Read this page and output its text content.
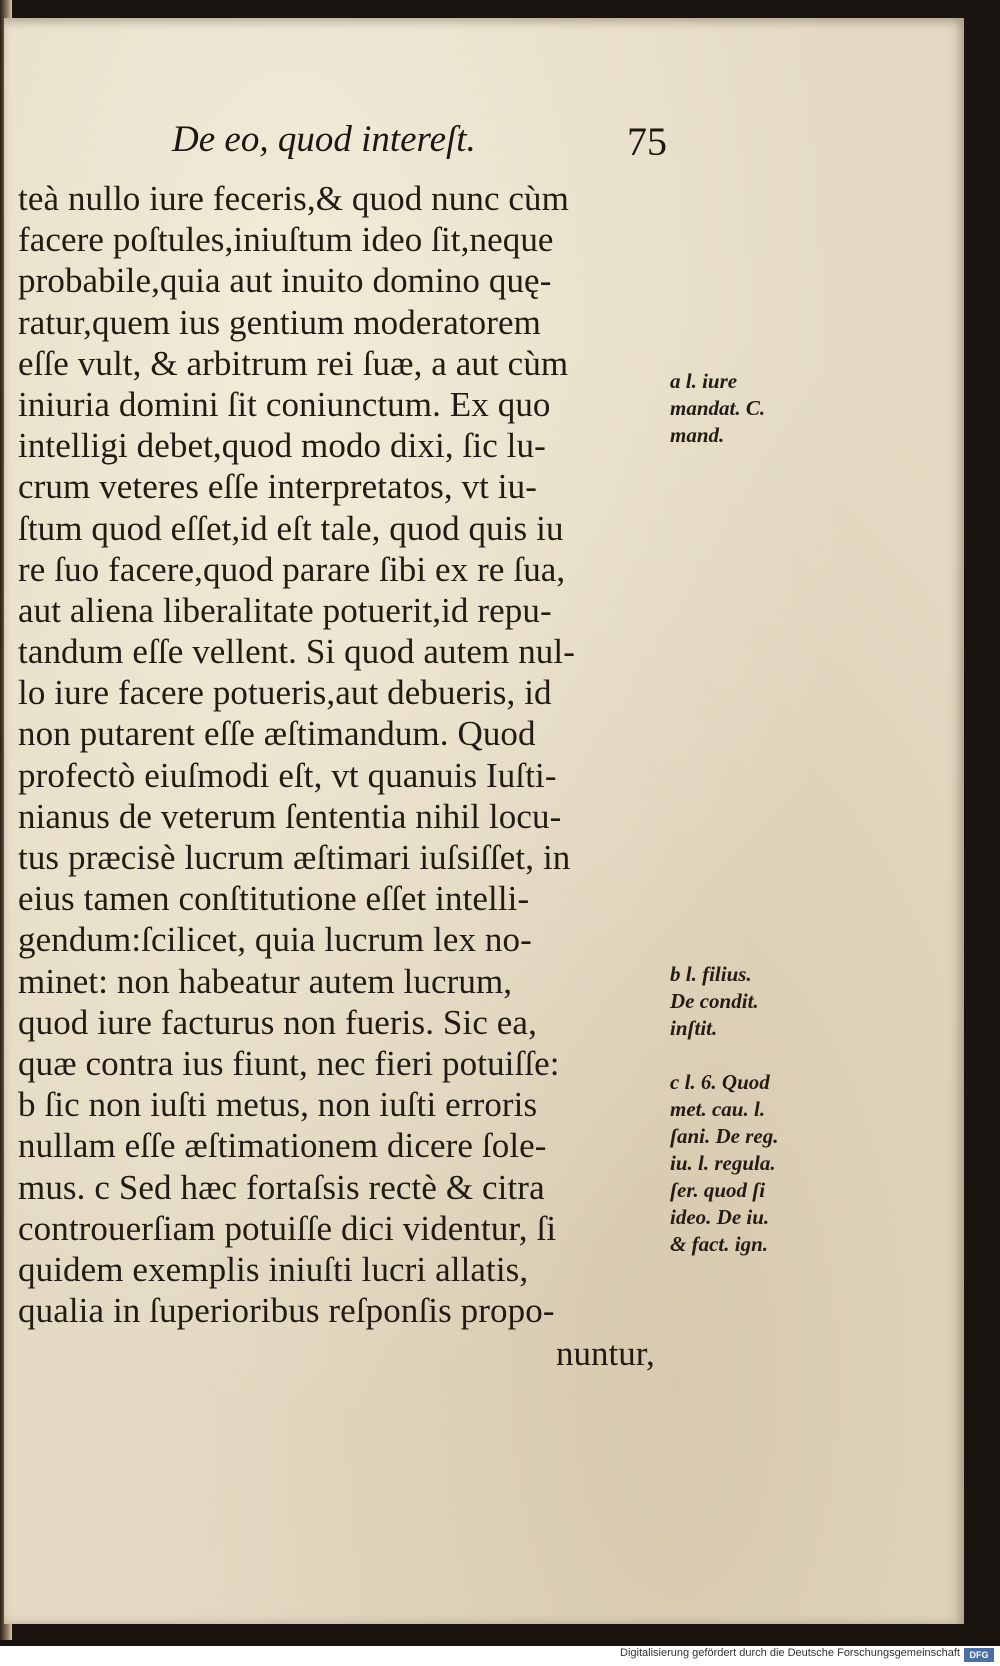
De eo, quod intereſt.	75
teà nullo iure feceris,& quod nunc cùm
facere poſtules,iniuſtum ideo ſit,neque
probabile,quia aut inuito domino quę-
ratur,quem ius gentium moderatorem
eſſe vult, & arbitrum rei ſuæ, a aut cùm
iniuria domini ſit coniunctum. Ex quo
intelligi debet,quod modo dixi, ſic lu-
crum veteres eſſe interpretatos, vt iu-
ſtum quod eſſet,id eſt tale, quod quis iu
re ſuo facere,quod parare ſibi ex re ſua,
aut aliena liberalitate potuerit,id repu-
tandum eſſe vellent. Si quod autem nul-
lo iure facere potueris,aut debueris, id
non putarent eſſe æſtimandum. Quod
profectò eiuſmodi eſt, vt quanuis Iuſti-
nianus de veterum ſententia nihil locu-
tus præcisè lucrum æſtimari iuſsiſſet, in
eius tamen conſtitutione eſſet intelli-
gendum:ſcilicet, quia lucrum lex no-
minet: non habeatur autem lucrum,
quod iure facturus non fueris. Sic ea,
quæ contra ius fiunt, nec fieri potuiſſe:
b ſic non iuſti metus, non iuſti erroris
nullam eſſe æſtimationem dicere ſole-
mus. c Sed hæc fortaſsis rectè & citra
controuerſiam potuiſſe dici videntur, ſi
quidem exemplis iniuſti lucri allatis,
qualia in ſuperioribus reſponſis propo-
a l. iure
mandat. C.
mand.
b l. filius.
De condit.
inſtit.
c l. 6. Quod
met. cau. l.
ſani. De reg.
iu. l. regula.
ſer. quod ſi
ideo. De iu.
& fact. ign.
nuntur,
Digitalisierung gefördert durch die Deutsche Forschungsgemeinschaft	DFG
